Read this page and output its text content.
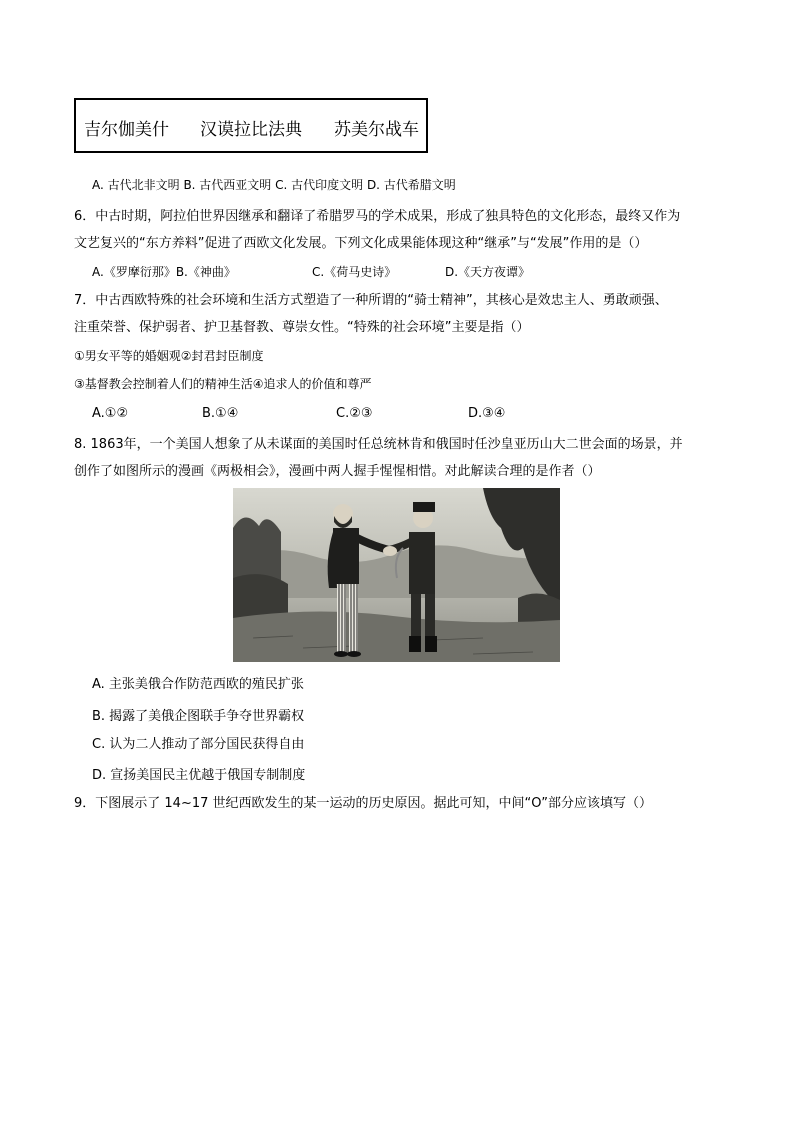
吉尔伽美什 汉谟拉比法典 苏美尔战车
A. 古代北非文明 B. 古代西亚文明 C. 古代印度文明 D. 古代希腊文明
6．中古时期，阿拉伯世界因继承和翻译了希腊罗马的学术成果，形成了独具特色的文化形态，最终又作为
文艺复兴的“东方养料”促进了西欧文化发展。下列文化成果能体现这种“继承”与“发展”作用的是（）
A.《罗摩衍那》B.《神曲》	C.《荷马史诗》	D.《天方夜谭》
7．中古西欧特殊的社会环境和生活方式塑造了一种所谓的“骑士精神”，其核心是效忠主人、勇敢顽强、
注重荣誉、保护弱者、护卫基督教、尊崇女性。“特殊的社会环境”主要是指（）
①男女平等的婚姻观②封君封臣制度
③基督教会控制着人们的精神生活④追求人的价值和尊严
A.①②	B.①④	C.②③	D.③④
8. 1863年，一个美国人想象了从未谋面的美国时任总统林肯和俄国时任沙皇亚历山大二世会面的场景，并
创作了如图所示的漫画《两极相会》，漫画中两人握手惺惺相惜。对此解读合理的是作者（）
A. 主张美俄合作防范西欧的殖民扩张
B. 揭露了美俄企图联手争夺世界霸权
C. 认为二人推动了部分国民获得自由
D. 宣扬美国民主优越于俄国专制制度
9．下图展示了 14~17 世纪西欧发生的某一运动的历史原因。据此可知，中间“O”部分应该填写（）
